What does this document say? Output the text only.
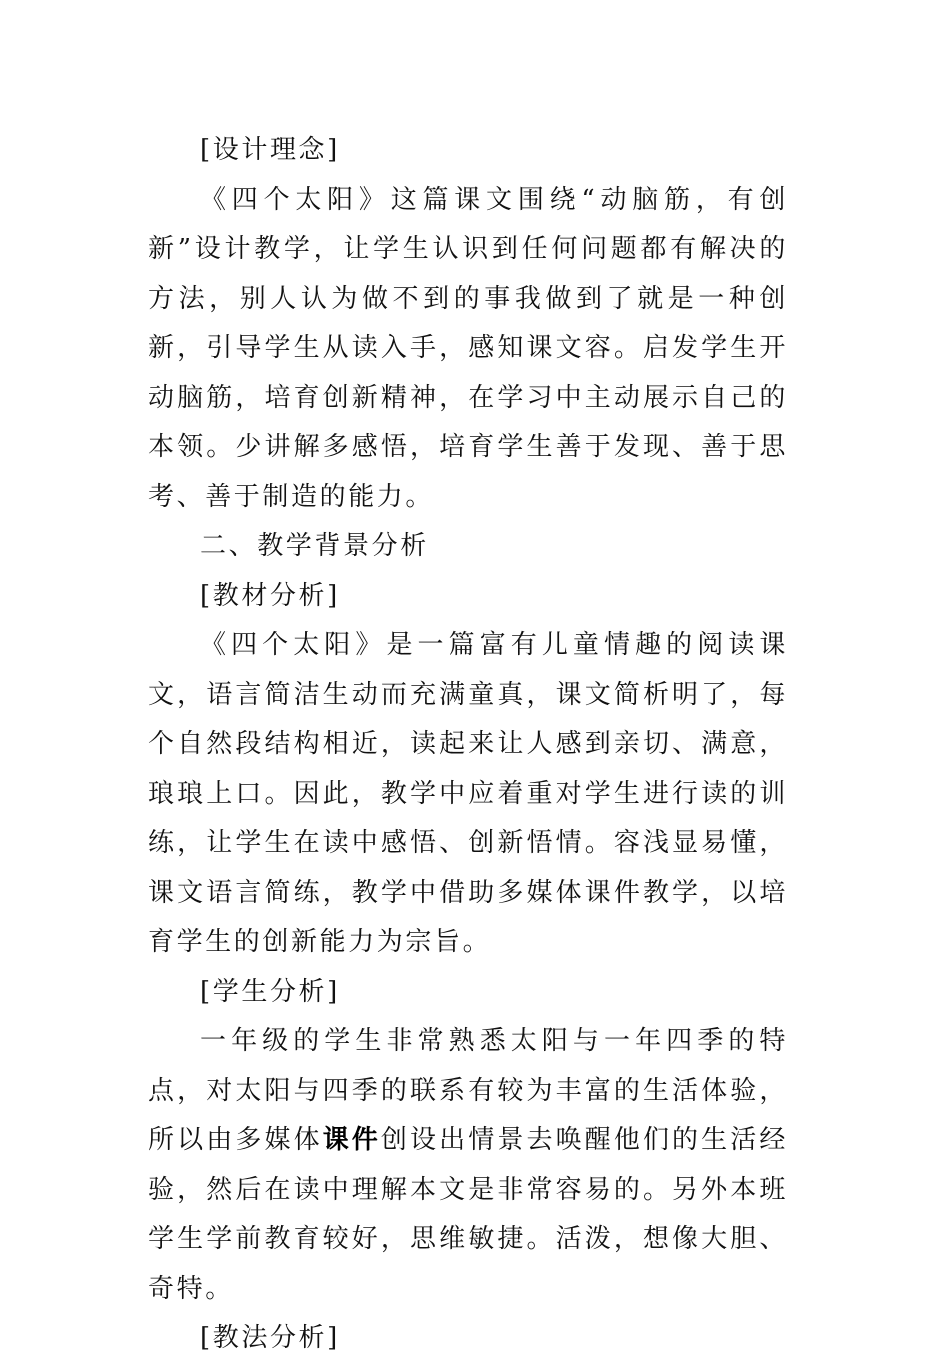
[设计理念]

《四个太阳》这篇课文围绕“动脑筋，有创新”设计教学，让学生认识到任何问题都有解决的方法，别人认为做不到的事我做到了就是一种创新，引导学生从读入手，感知课文容。启发学生开动脑筋，培育创新精神，在学习中主动展示自己的本领。少讲解多感悟，培育学生善于发现、善于思考、善于制造的能力。

二、教学背景分析

[教材分析]

《四个太阳》是一篇富有儿童情趣的阅读课文，语言简洁生动而充满童真，课文简析明了，每个自然段结构相近，读起来让人感到亲切、满意，琅琅上口。因此，教学中应着重对学生进行读的训练，让学生在读中感悟、创新悟情。容浅显易懂，课文语言简练，教学中借助多媒体课件教学，以培育学生的创新能力为宗旨。

[学生分析]

一年级的学生非常熟悉太阳与一年四季的特点，对太阳与四季的联系有较为丰富的生活体验，所以由多媒体课件创设出情景去唤醒他们的生活经验，然后在读中理解本文是非常容易的。另外本班学生学前教育较好，思维敏捷。活泼，想像大胆、奇特。

[教法分析]
